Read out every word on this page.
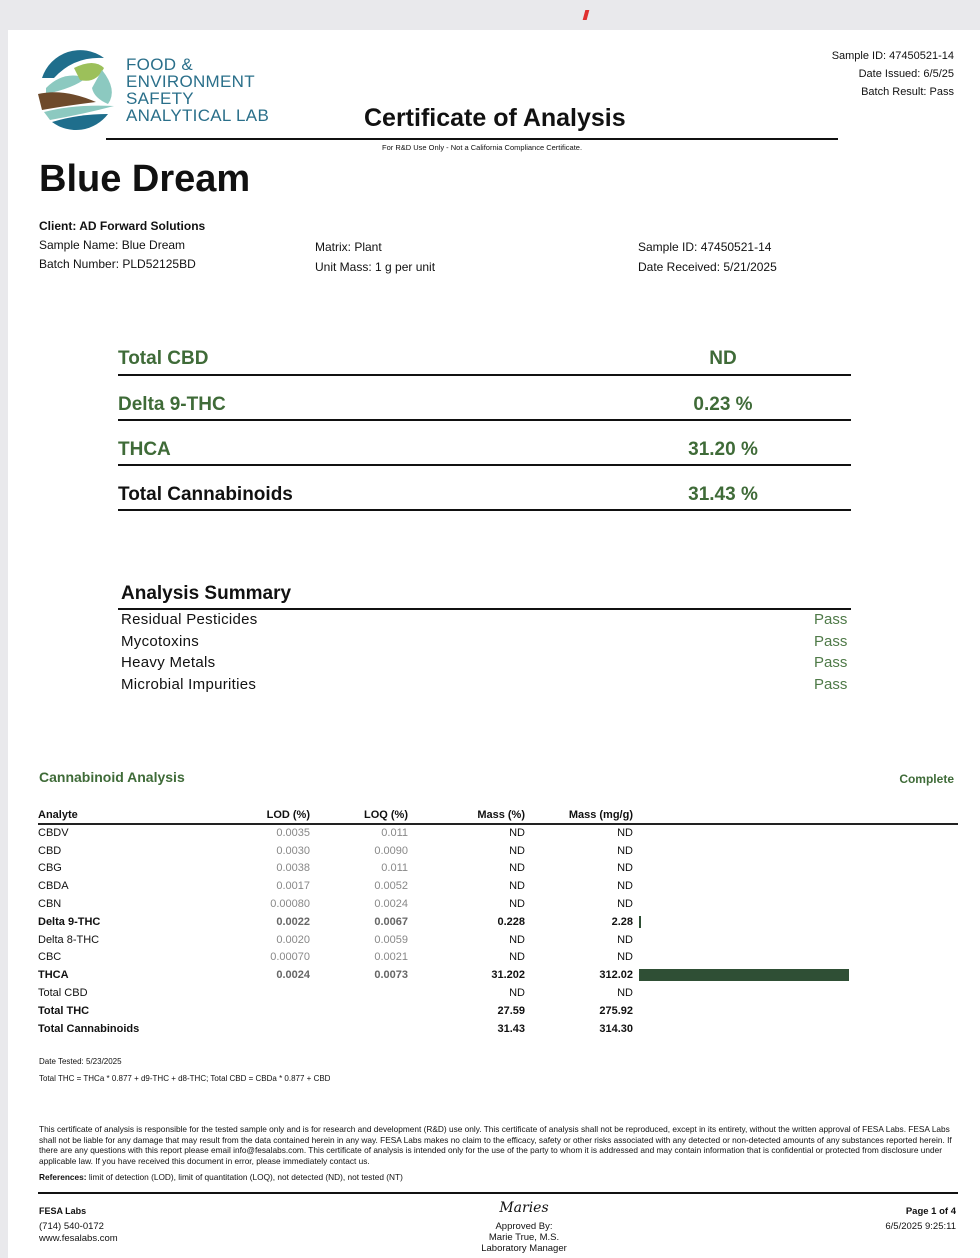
FOOD &
ENVIRONMENT
SAFETY
ANALYTICAL LAB	Certificate of Analysis
For R&D Use Only - Not a California Compliance Certificate.
Sample ID: 47450521-14
Date Issued: 6/5/25
Batch Result: Pass
Blue Dream
Client: AD Forward Solutions
Sample Name: Blue Dream
Batch Number: PLD52125BD
Matrix: Plant
Unit Mass: 1 g per unit
Sample ID: 47450521-14
Date Received: 5/21/2025
Total CBD	ND
Delta 9-THC	0.23 %
THCA	31.20 %
Total Cannabinoids	31.43 %
Analysis Summary
Residual Pesticides	Pass
Mycotoxins	Pass
Heavy Metals	Pass
Microbial Impurities	Pass
Cannabinoid Analysis	Complete
Analyte	LOD (%)	LOQ (%)	Mass (%)	Mass (mg/g)	
CBDV	0.0035	0.011	ND	ND	
CBD	0.0030	0.0090	ND	ND	
CBG	0.0038	0.011	ND	ND	
CBDA	0.0017	0.0052	ND	ND	
CBN	0.00080	0.0024	ND	ND	
Delta 9-THC	0.0022	0.0067	0.228	2.28	

Delta 8-THC	0.0020	0.0059	ND	ND	
CBC	0.00070	0.0021	ND	ND	
THCA	0.0024	0.0073	31.202	312.02	

Total CBD			ND	ND	
Total THC			27.59	275.92	
Total Cannabinoids			31.43	314.30	
Date Tested: 5/23/2025
Total THC = THCa * 0.877 + d9-THC + d8-THC; Total CBD = CBDa * 0.877 + CBD
This certificate of analysis is responsible for the tested sample only and is for research and development (R&D) use only. This certificate of analysis shall not be reproduced, except in its entirety, without the written approval of FESA Labs. FESA Labs shall not be liable for any damage that may result from the data contained herein in any way. FESA Labs makes no claim to the efficacy, safety or other risks associated with any detected or non-detected amounts of any substances reported herein. If there are any questions with this report please email info@fesalabs.com. This certificate of analysis is intended only for the use of the party to whom it is addressed and may contain information that is confidential or protected from disclosure under applicable law. If you have received this document in error, please immediately contact us.
References: limit of detection (LOD), limit of quantitation (LOQ), not detected (ND), not tested (NT)
FESA Labs
(714) 540-0172
www.fesalabs.com
Maries
Approved By:
Marie True, M.S.
Laboratory Manager
Page 1 of 4
6/5/2025 9:25:11
